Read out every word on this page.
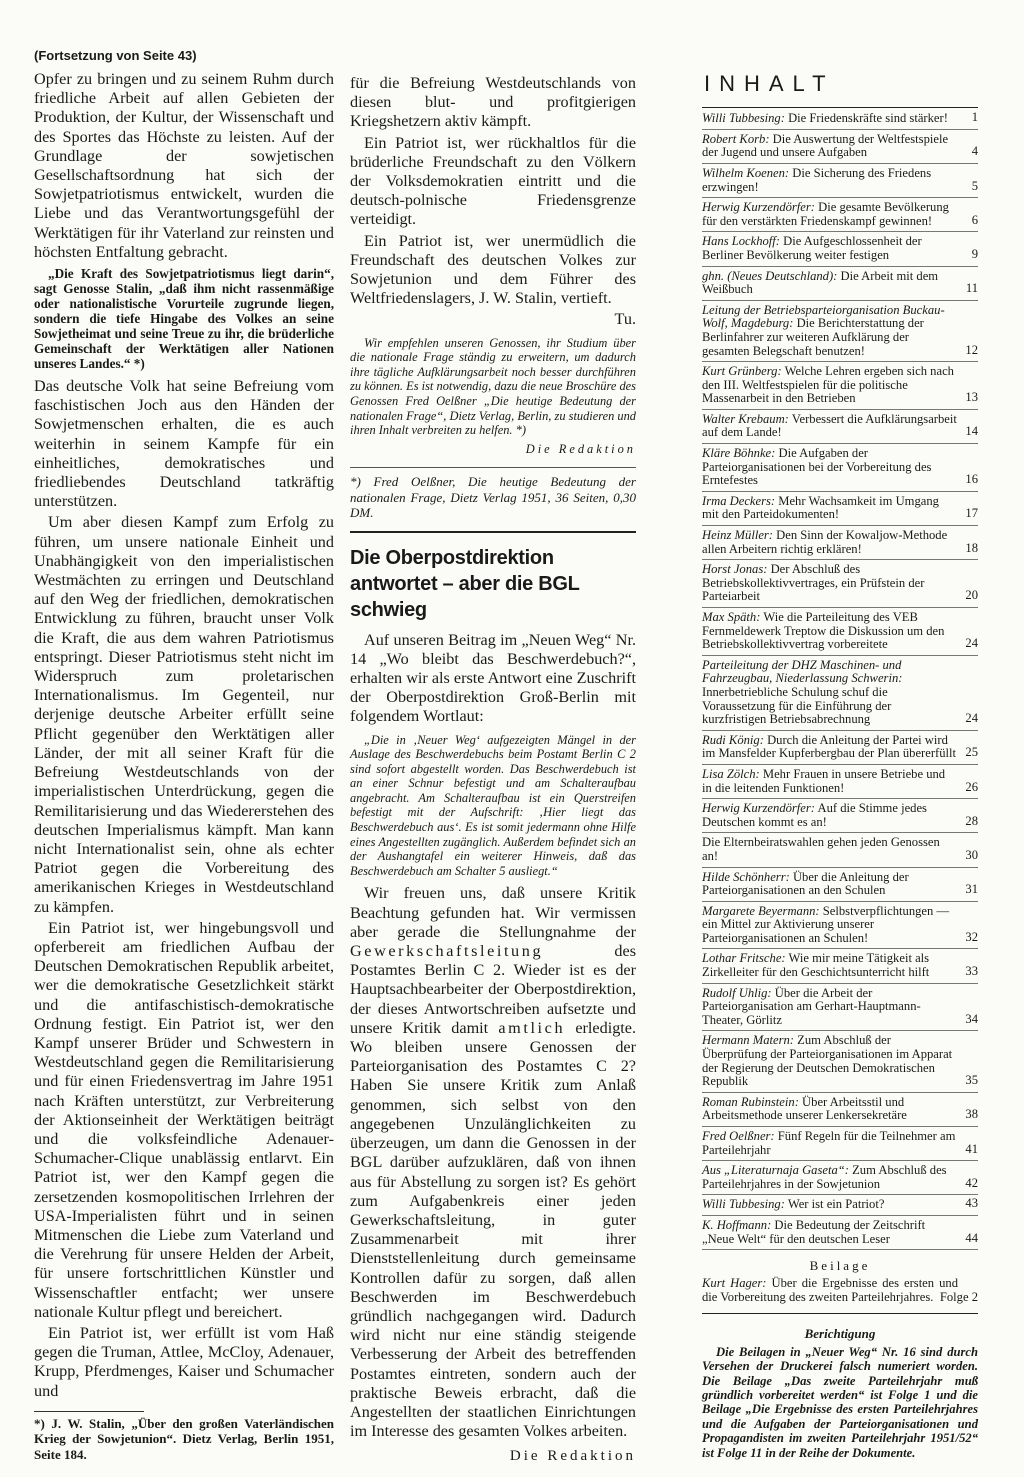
(Fortsetzung von Seite 43)

Opfer zu bringen und zu seinem Ruhm durch friedliche Arbeit auf allen Gebieten der Produktion, der Kultur, der Wissenschaft und des Sportes das Höchste zu leisten. Auf der Grundlage der sowjetischen Gesellschaftsordnung hat sich der Sowjetpatriotismus entwickelt, wurden die Liebe und das Verantwortungsgefühl der Werktätigen für ihr Vaterland zur reinsten und höchsten Entfaltung gebracht.

„Die Kraft des Sowjetpatriotismus liegt darin“, sagt Genosse Stalin, „daß ihm nicht rassenmäßige oder nationalistische Vorurteile zugrunde liegen, sondern die tiefe Hingabe des Volkes an seine Sowjetheimat und seine Treue zu ihr, die brüderliche Gemeinschaft der Werktätigen aller Nationen unseres Landes.“ *)

Das deutsche Volk hat seine Befreiung vom faschistischen Joch aus den Händen der Sowjetmenschen erhalten, die es auch weiterhin in seinem Kampfe für ein einheitliches, demokratisches und friedliebendes Deutschland tatkräftig unterstützen.

Um aber diesen Kampf zum Erfolg zu führen, um unsere nationale Einheit und Unabhängigkeit von den imperialistischen Westmächten zu erringen und Deutschland auf den Weg der friedlichen, demokratischen Entwicklung zu führen, braucht unser Volk die Kraft, die aus dem wahren Patriotismus entspringt. Dieser Patriotismus steht nicht im Widerspruch zum proletarischen Internationalismus. Im Gegenteil, nur derjenige deutsche Arbeiter erfüllt seine Pflicht gegenüber den Werktätigen aller Länder, der mit all seiner Kraft für die Befreiung Westdeutschlands von der imperialistischen Unterdrückung, gegen die Remilitarisierung und das Wiedererstehen des deutschen Imperialismus kämpft. Man kann nicht Internationalist sein, ohne als echter Patriot gegen die Vorbereitung des amerikanischen Krieges in Westdeutschland zu kämpfen.

Ein Patriot ist, wer hingebungsvoll und opferbereit am friedlichen Aufbau der Deutschen Demokratischen Republik arbeitet, wer die demokratische Gesetzlichkeit stärkt und die antifaschistisch-demokratische Ordnung festigt. Ein Patriot ist, wer den Kampf unserer Brüder und Schwestern in Westdeutschland gegen die Remilitarisierung und für einen Friedensvertrag im Jahre 1951 nach Kräften unterstützt, zur Verbreiterung der Aktionseinheit der Werktätigen beiträgt und die volksfeindliche Adenauer-Schumacher-Clique unablässig entlarvt. Ein Patriot ist, wer den Kampf gegen die zersetzenden kosmopolitischen Irrlehren der USA-Imperialisten führt und in seinen Mitmenschen die Liebe zum Vaterland und die Verehrung für unsere Helden der Arbeit, für unsere fortschrittlichen Künstler und Wissenschaftler entfacht; wer unsere nationale Kultur pflegt und bereichert.

Ein Patriot ist, wer erfüllt ist vom Haß gegen die Truman, Attlee, McCloy, Adenauer, Krupp, Pferdmenges, Kaiser und Schumacher und

*) J. W. Stalin, „Über den großen Vaterländischen Krieg der Sowjetunion“. Dietz Verlag, Berlin 1951, Seite 184.

für die Befreiung Westdeutschlands von diesen blut- und profitgierigen Kriegshetzern aktiv kämpft.

Ein Patriot ist, wer rückhaltlos für die brüderliche Freundschaft zu den Völkern der Volksdemokratien eintritt und die deutsch-polnische Friedensgrenze verteidigt.

Ein Patriot ist, wer unermüdlich die Freundschaft des deutschen Volkes zur Sowjetunion und dem Führer des Weltfriedenslagers, J. W. Stalin, vertieft.

Tu.

Wir empfehlen unseren Genossen, ihr Studium über die nationale Frage ständig zu erweitern, um dadurch ihre tägliche Aufklärungsarbeit noch besser durchführen zu können. Es ist notwendig, dazu die neue Broschüre des Genossen Fred Oelßner „Die heutige Bedeutung der nationalen Frage“, Dietz Verlag, Berlin, zu studieren und ihren Inhalt verbreiten zu helfen. *)

Die Redaktion

*) Fred Oelßner, Die heutige Bedeutung der nationalen Frage, Dietz Verlag 1951, 36 Seiten, 0,30 DM.

Die Oberpostdirektion antwortet – aber die BGL schwieg

Auf unseren Beitrag im „Neuen Weg“ Nr. 14 „Wo bleibt das Beschwerdebuch?“, erhalten wir als erste Antwort eine Zuschrift der Oberpostdirektion Groß-Berlin mit folgendem Wortlaut:

„Die in ‚Neuer Weg‘ aufgezeigten Mängel in der Auslage des Beschwerdebuchs beim Postamt Berlin C 2 sind sofort abgestellt worden. Das Beschwerdebuch ist an einer Schnur befestigt und am Schalteraufbau angebracht. Am Schalteraufbau ist ein Querstreifen befestigt mit der Aufschrift: ‚Hier liegt das Beschwerdebuch aus‘. Es ist somit jedermann ohne Hilfe eines Angestellten zugänglich. Außerdem befindet sich an der Aushangtafel ein weiterer Hinweis, daß das Beschwerdebuch am Schalter 5 ausliegt.“

Wir freuen uns, daß unsere Kritik Beachtung gefunden hat. Wir vermissen aber gerade die Stellungnahme der Gewerkschaftsleitung	des Postamtes Berlin C 2. Wieder ist es der Hauptsachbearbeiter der Oberpostdirektion, der dieses Antwortschreiben aufsetzte und unsere Kritik damit amtlich erledigte. Wo bleiben unsere Genossen der Parteiorganisation des Postamtes C 2? Haben Sie unsere Kritik zum Anlaß genommen, sich selbst von den angegebenen Unzulänglichkeiten zu überzeugen, um dann die Genossen in der BGL darüber aufzuklären, daß von ihnen aus für Abstellung zu sorgen ist? Es gehört zum Aufgabenkreis einer jeden Gewerkschaftsleitung, in guter Zusammenarbeit mit ihrer Dienststellenleitung durch gemeinsame Kontrollen dafür zu sorgen, daß allen Beschwerden im Beschwerdebuch gründlich nachgegangen wird. Dadurch wird nicht nur eine ständig steigende Verbesserung der Arbeit des betreffenden Postamtes eintreten, sondern auch der praktische Beweis erbracht, daß die Angestellten der staatlichen Einrichtungen im Interesse des gesamten Volkes arbeiten.

Die Redaktion

INHALT
Willi Tubbesing: Die Friedenskräfte sind stärker! 1
Robert Korb: Die Auswertung der Weltfestspiele der Jugend und unsere Aufgaben	4
Wilhelm Koenen: Die Sicherung des Friedens erzwingen!	5
Herwig Kurzendörfer: Die gesamte Bevölkerung für den verstärkten Friedenskampf gewinnen!	6
Hans Lockhoff: Die Aufgeschlossenheit der Berliner Bevölkerung weiter festigen	9
ghn. (Neues Deutschland): Die Arbeit mit dem Weißbuch	11
Leitung der Betriebsparteiorganisation Buckau-Wolf, Magdeburg: Die Berichterstattung der Berlinfahrer zur weiteren Aufklärung der gesamten Belegschaft benutzen!	12
Kurt Grünberg: Welche Lehren ergeben sich nach den III. Weltfestspielen für die politische Massenarbeit in den Betrieben	13
Walter Krebaum: Verbessert die Aufklärungsarbeit auf dem Lande!	14
Kläre Böhnke: Die Aufgaben der Parteiorganisationen bei der Vorbereitung des Erntefestes	16
Irma Deckers: Mehr Wachsamkeit im Umgang mit den Parteidokumenten!	17
Heinz Müller: Den Sinn der Kowaljow-Methode allen Arbeitern richtig erklären!	18
Horst Jonas: Der Abschluß des Betriebskollektivvertrages, ein Prüfstein der Parteiarbeit	20
Max Späth: Wie die Parteileitung des VEB Fernmeldewerk Treptow die Diskussion um den Betriebskollektivvertrag vorbereitete	24
Parteileitung der DHZ Maschinen- und Fahrzeugbau, Niederlassung Schwerin: Innerbetriebliche Schulung schuf die Voraussetzung für die Einführung der kurzfristigen Betriebsabrechnung	24
Rudi König: Durch die Anleitung der Partei wird im Mansfelder Kupferbergbau der Plan übererfüllt 25
Lisa Zölch: Mehr Frauen in unsere Betriebe und in die leitenden Funktionen!	26
Herwig Kurzendörfer: Auf die Stimme jedes Deutschen kommt es an!	28
Die Elternbeiratswahlen gehen jeden Genossen an!	30
Hilde Schönherr: Über die Anleitung der Parteiorganisationen an den Schulen	31
Margarete Beyermann: Selbstverpflichtungen — ein Mittel zur Aktivierung unserer Parteiorganisationen an Schulen!	32
Lothar Fritsche: Wie mir meine Tätigkeit als Zirkelleiter für den Geschichtsunterricht hilft	33
Rudolf Uhlig: Über die Arbeit der Parteiorganisation am Gerhart-Hauptmann-Theater, Görlitz	34
Hermann Matern: Zum Abschluß der Überprüfung der Parteiorganisationen im Apparat der Regierung der Deutschen Demokratischen Republik	35
Roman Rubinstein: Über Arbeitsstil und Arbeitsmethode unserer Lenkersekretäre	38
Fred Oelßner: Fünf Regeln für die Teilnehmer am Parteilehrjahr	41
Aus „Literaturnaja Gaseta“: Zum Abschluß des Parteilehrjahres in der Sowjetunion	42
Willi Tubbesing: Wer ist ein Patriot?	43
K. Hoffmann: Die Bedeutung der Zeitschrift „Neue Welt“ für den deutschen Leser	44
Beilage
Kurt Hager: Über die Ergebnisse des ersten und die Vorbereitung des zweiten Parteilehrjahres. Folge 2
Berichtigung

Die Beilagen in „Neuer Weg“ Nr. 16 sind durch Versehen der Druckerei falsch numeriert worden. Die Beilage „Das zweite Parteilehrjahr muß gründlich vorbereitet werden“ ist Folge 1 und die Beilage „Die Ergebnisse des ersten Parteilehrjahres und die Aufgaben der Parteiorganisationen und Propagandisten im zweiten Parteilehrjahr 1951/52“ ist Folge 11 in der Reihe der Dokumente.
